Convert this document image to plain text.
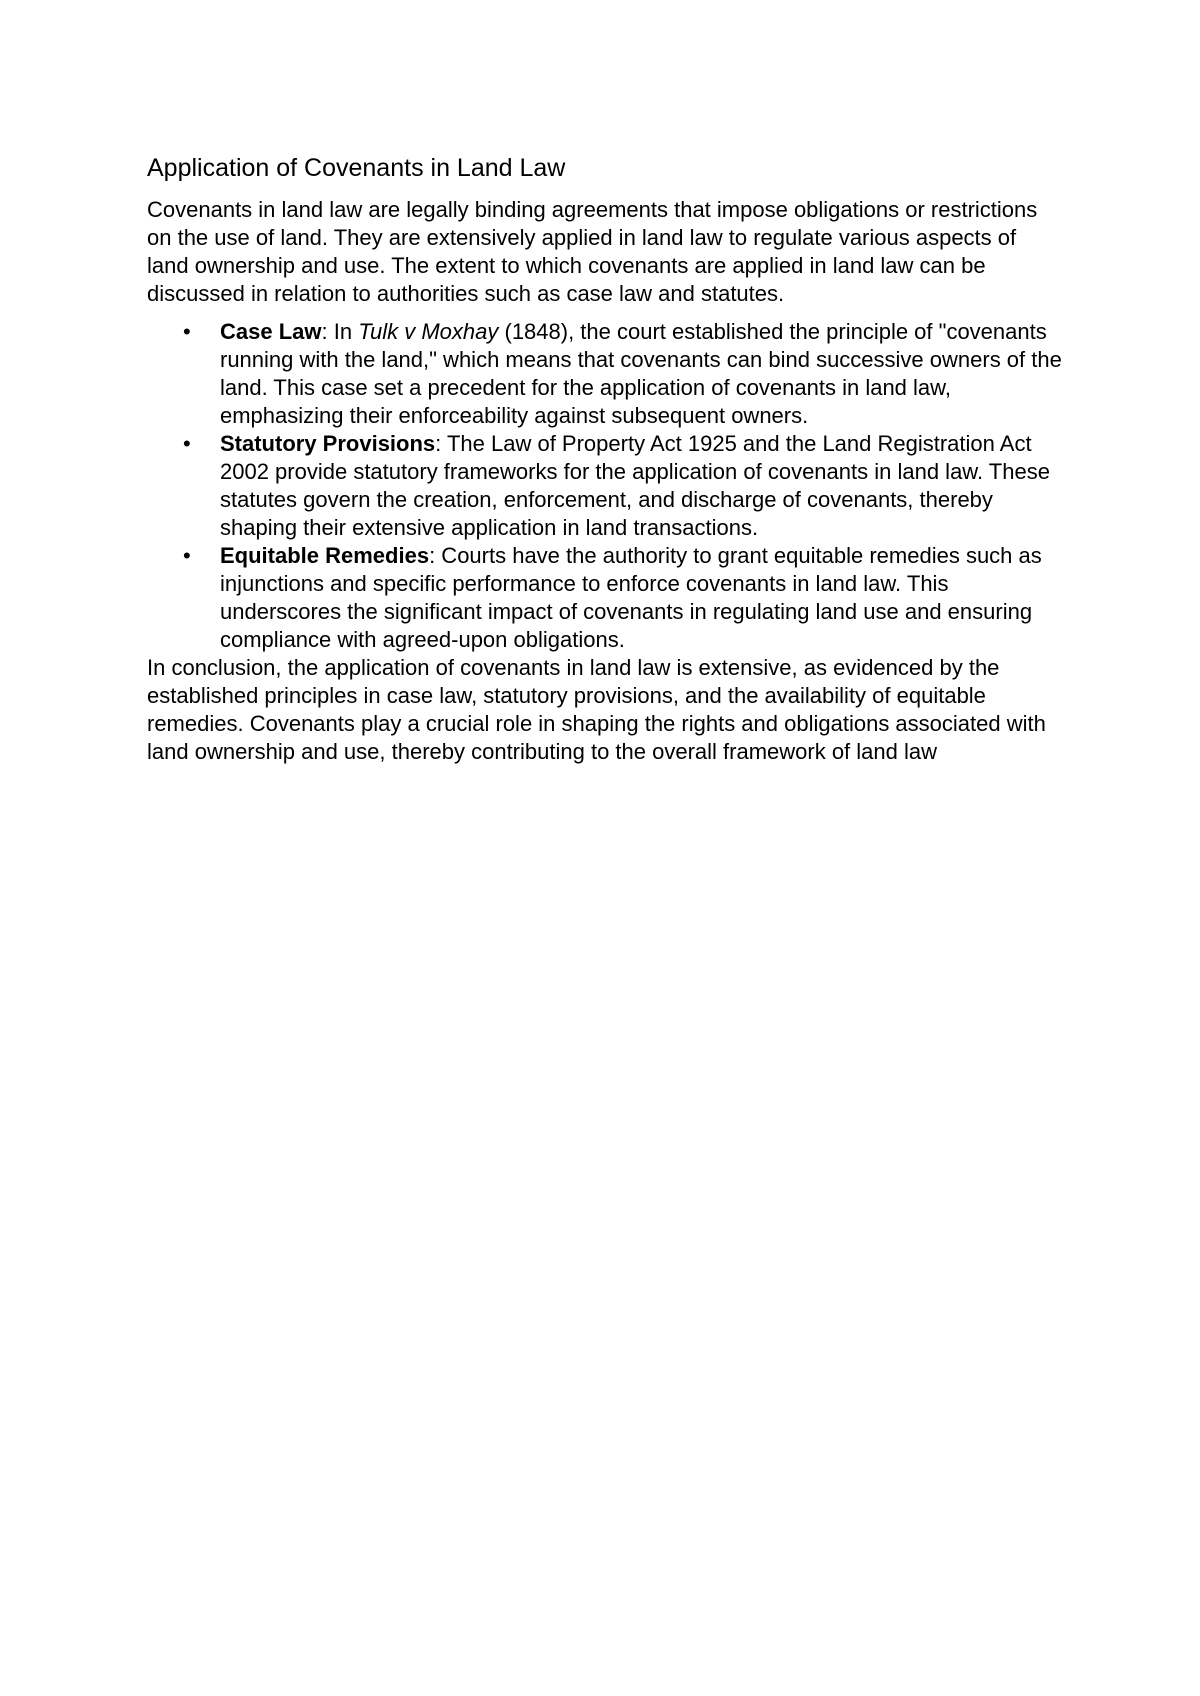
Application of Covenants in Land Law

Covenants in land law are legally binding agreements that impose obligations or restrictions on the use of land. They are extensively applied in land law to regulate various aspects of land ownership and use. The extent to which covenants are applied in land law can be discussed in relation to authorities such as case law and statutes.

• Case Law: In Tulk v Moxhay (1848), the court established the principle of "covenants running with the land," which means that covenants can bind successive owners of the land. This case set a precedent for the application of covenants in land law, emphasizing their enforceability against subsequent owners.
• Statutory Provisions: The Law of Property Act 1925 and the Land Registration Act 2002 provide statutory frameworks for the application of covenants in land law. These statutes govern the creation, enforcement, and discharge of covenants, thereby shaping their extensive application in land transactions.
• Equitable Remedies: Courts have the authority to grant equitable remedies such as injunctions and specific performance to enforce covenants in land law. This underscores the significant impact of covenants in regulating land use and ensuring compliance with agreed-upon obligations.

In conclusion, the application of covenants in land law is extensive, as evidenced by the established principles in case law, statutory provisions, and the availability of equitable remedies. Covenants play a crucial role in shaping the rights and obligations associated with land ownership and use, thereby contributing to the overall framework of land law
